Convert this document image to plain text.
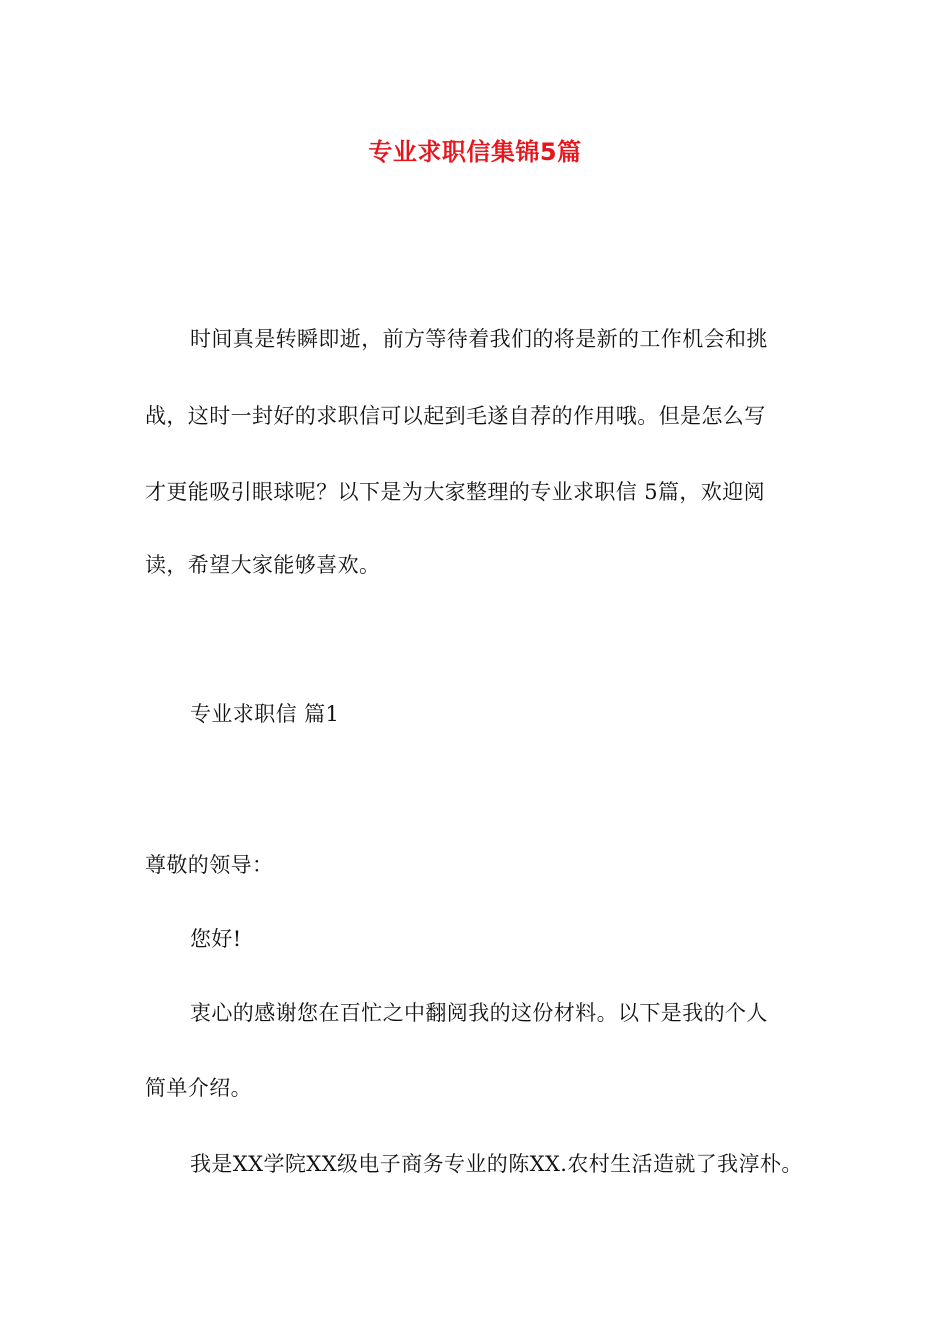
专业求职信集锦5篇
时间真是转瞬即逝，前方等待着我们的将是新的工作机会和挑
战，这时一封好的求职信可以起到毛遂自荐的作用哦。但是怎么写
才更能吸引眼球呢？以下是为大家整理的专业求职信 5篇，欢迎阅
读，希望大家能够喜欢。
专业求职信 篇1
尊敬的领导：
您好!
衷心的感谢您在百忙之中翻阅我的这份材料。以下是我的个人
简单介绍。
我是XX学院XX级电子商务专业的陈XX.农村生活造就了我淳朴。
